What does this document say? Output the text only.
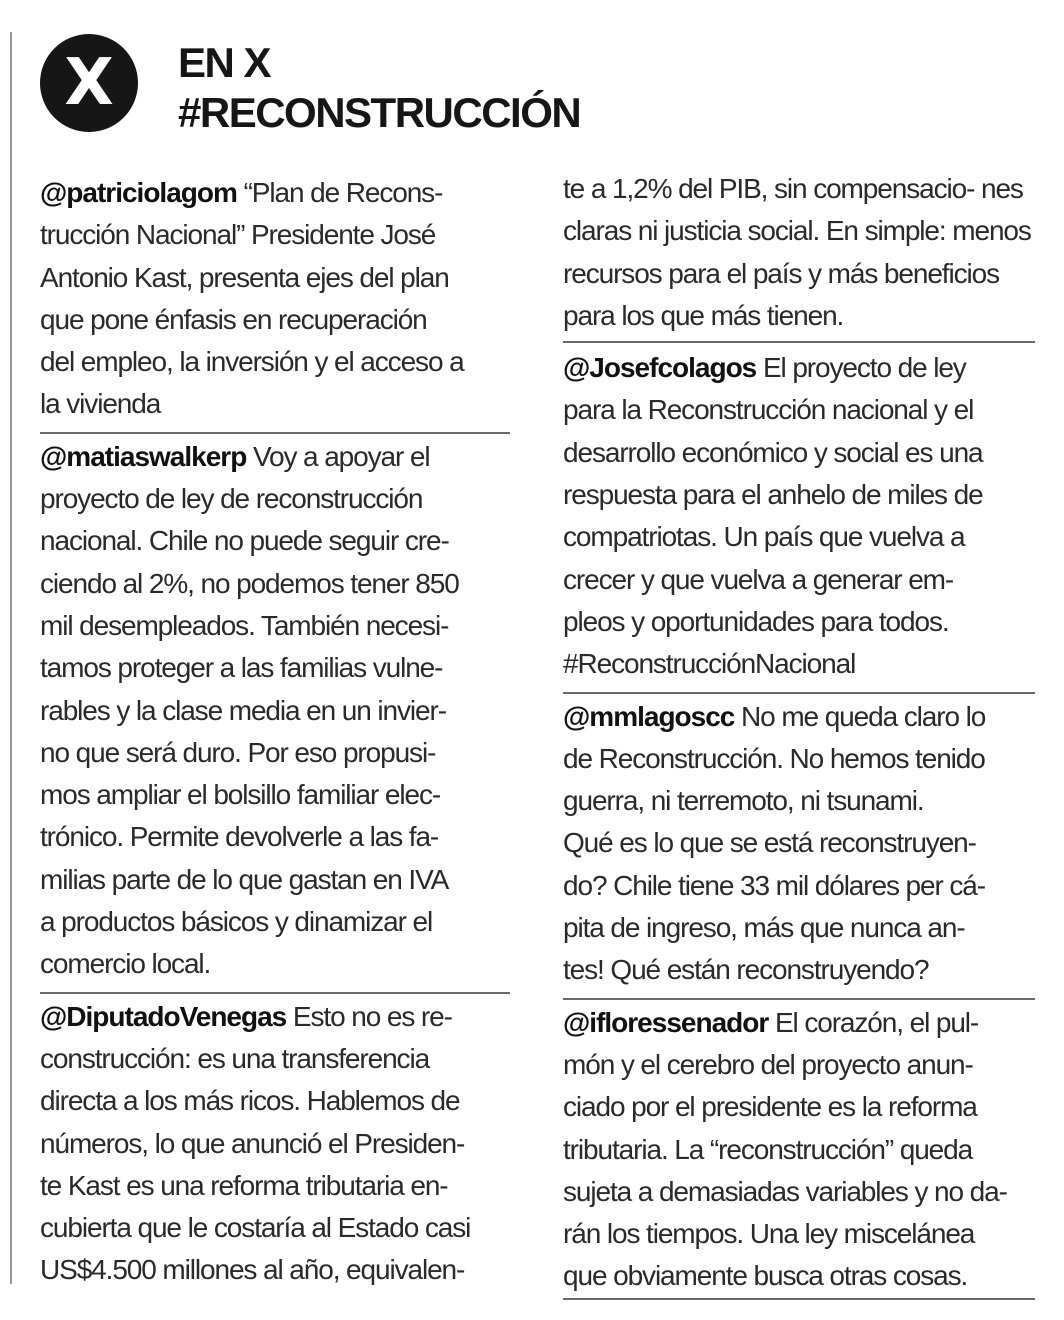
X	EN X
#RECONSTRUCCIÓN
@patriciolagom “Plan de Recons-
trucción Nacional” Presidente José
Antonio Kast, presenta ejes del plan
que pone énfasis en recuperación
del empleo, la inversión y el acceso a
la vivienda
@matiaswalkerp Voy a apoyar el
proyecto de ley de reconstrucción
nacional. Chile no puede seguir cre-
ciendo al 2%, no podemos tener 850
mil desempleados. También necesi-
tamos proteger a las familias vulne-
rables y la clase media en un invier-
no que será duro. Por eso propusi-
mos ampliar el bolsillo familiar elec-
trónico. Permite devolverle a las fa-
milias parte de lo que gastan en IVA
a productos básicos y dinamizar el
comercio local.
@DiputadoVenegas Esto no es re-
construcción: es una transferencia
directa a los más ricos. Hablemos de
números, lo que anunció el Presiden-
te Kast es una reforma tributaria en-
cubierta que le costaría al Estado casi
US$4.500 millones al año, equivalen-
te a 1,2% del PIB, sin compensacio- nes claras ni justicia social. En simple: menos recursos para el país y más beneficios para los que más tienen.
@Josefcolagos El proyecto de ley
para la Reconstrucción nacional y el
desarrollo económico y social es una
respuesta para el anhelo de miles de
compatriotas. Un país que vuelva a
crecer y que vuelva a generar em-
pleos y oportunidades para todos.
#ReconstrucciónNacional
@mmlagoscc No me queda claro lo
de Reconstrucción. No hemos tenido
guerra, ni terremoto, ni tsunami.
Qué es lo que se está reconstruyen-
do? Chile tiene 33 mil dólares per cá-
pita de ingreso, más que nunca an-
tes! Qué están reconstruyendo?
@ifloressenador El corazón, el pul-
món y el cerebro del proyecto anun-
ciado por el presidente es la reforma
tributaria. La “reconstrucción” queda
sujeta a demasiadas variables y no da-
rán los tiempos. Una ley miscelánea
que obviamente busca otras cosas.
